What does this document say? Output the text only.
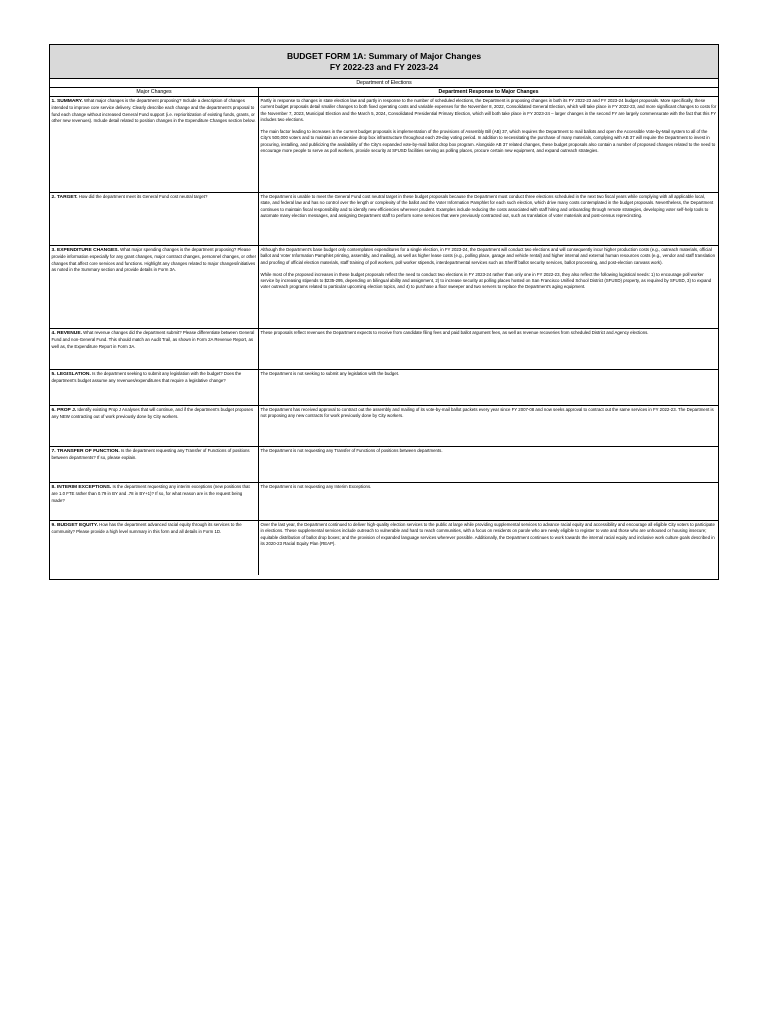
BUDGET FORM 1A: Summary of Major Changes
FY 2022-23 and FY 2023-24
Department of Elections
Major Changes	Department Response to Major Changes
1. SUMMARY. What major changes is the department proposing? Include a description of changes intended to improve core service delivery. Clearly describe each change and the department's proposal to fund each change without increased General Fund support (i.e. reprioritization of existing funds, grants, or other new revenues). Include detail related to position changes in the Expenditure Changes section below.

Partly in response to changes in state election law and partly in response to the number of scheduled elections, the Department is proposing changes in both its FY 2022-23 and FY 2023-24 budget proposals. More specifically, these current budget proposals detail smaller changes to both fixed operating costs and variable expenses for the November 8, 2022, Consolidated General Election, which will take place in FY 2022-23, and more significant changes to costs for the November 7, 2023, Municipal Election and the March 5, 2024, Consolidated Presidential Primary Election, which will both take place in FY 2023-24 – larger changes in the second FY are largely commensurate with the fact that this FY includes two elections.

The main factor leading to increases in the current budget proposals is implementation of the provisions of Assembly Bill (AB) 37, which requires the Department to mail ballots and open the Accessible Vote-by-Mail system to all of the City's 500,000 voters and to maintain an extensive drop box infrastructure throughout each 29-day voting period. In addition to necessitating the purchase of many materials, complying with AB 37 will require the Department to invest in procuring, installing, and publicizing the availability of the City's expanded vote-by-mail ballot drop box program. Alongside AB 37 related changes, these budget proposals also contain a number of proposed changes related to the need to encourage more people to serve as poll workers, provide security at SFUSD facilities serving as polling places, procure certain new equipment, and expand outreach strategies.

2. TARGET. How did the department meet its General Fund cost neutral target?	The Department is unable to meet the General Fund cost neutral target in these budget proposals because the Department must conduct three elections scheduled in the next two fiscal years while complying with all applicable local, state, and federal law and has no control over the length or complexity of the ballot and the Voter Information Pamphlet for each such election, which drive many costs contemplated in the budget proposals. Nevertheless, the Department continues to maintain fiscal responsibility and to identify new efficiencies wherever prudent. Examples include reducing the costs associated with staff hiring and onboarding through remote strategies, developing voter self-help tools to automate many election messages, and assigning Department staff to perform some services that were previously contracted out, such as translation of voter materials and post-census reprecincting.

3. EXPENDITURE CHANGES. What major spending changes is the department proposing? Please provide information especially for any grant changes, major contract changes, personnel changes, or other changes that affect core services and functions. Highlight any changes related to major changes/initiatives as noted in the Summary section and provide details in Form 3A.

Although the Department's base budget only contemplates expenditures for a single election, in FY 2023-24, the Department will conduct two elections and will consequently incur higher production costs (e.g., outreach materials, official ballot and Voter Information Pamphlet printing, assembly, and mailing), as well as higher lease costs (e.g., polling place, garage and vehicle rental) and higher internal and external human resources costs (e.g., vendor and staff translation and proofing of official election materials, staff training of poll workers, poll worker stipends, interdepartmental services such as Sheriff ballot security services, ballot processing, and post-election canvass work).

While most of the proposed increases in these budget proposals reflect the need to conduct two elections in FY 2023-24 rather than only one in FY 2022-23, they also reflect the following logistical needs: 1) to encourage poll worker service by increasing stipends to $235-295, depending on bilingual ability and assignment, 2) to increase security at polling places hosted on San Francisco Unified School District (SFUSD) property, as required by SFUSD, 3) to expand voter outreach programs related to particular upcoming election topics, and 4) to purchase a floor sweeper and two servers to replace the Department's aging equipment.

4. REVENUE. What revenue changes did the department submit? Please differentiate between General Fund and non-General Fund. This should match an Audit Trail, as shown in Form 2A Revenue Report, as well as, the Expenditure Report in Form 3A.

These proposals reflect revenues the Department expects to receive from candidate filing fees and paid ballot argument fees, as well as revenue recoveries from scheduled District and Agency elections.

5. LEGISLATION. Is the department seeking to submit any legislation with the budget? Does the department's budget assume any revenues/expenditures that require a legislative change?

The Department is not seeking to submit any legislation with the budget.

6. PROP J. Identify existing Prop J Analyses that will continue, and if the department's budget proposes any NEW contracting out of work previously done by City workers.

The Department has received approval to contract out the assembly and mailing of its vote-by-mail ballot packets every year since FY 2007-08 and now seeks approval to contract out the same services in FY 2022-23. The Department is not proposing any new contracts for work previously done by City workers.

7. TRANSFER OF FUNCTION. Is the department requesting any Transfer of Functions of positions between departments? If so, please explain.

The Department is not requesting any Transfer of Functions of positions between departments.

8. INTERIM EXCEPTIONS. Is the department requesting any interim exceptions (new positions that are 1.0 FTE rather than 0.79 in BY and .78 in BY+1)? If so, for what reason are is the request being made?

The Department is not requesting any Interim Exceptions.

9. BUDGET EQUITY. How has the department advanced racial equity through its services to the community? Please provide a high level summary in this form and all details in Form 1D.

Over the last year, the Department continued to deliver high-quality election services to the public at large while providing supplemental services to advance racial equity and accessibility and encourage all eligible City voters to participate in elections. These supplemental services include outreach to vulnerable and hard to reach communities, with a focus on residents on parole who are newly eligible to register to vote and those who are unhoused or housing insecure; equitable distribution of ballot drop boxes; and the provision of expanded language services wherever possible. Additionally, the Department continues to work towards the internal racial equity and inclusive work culture goals described in its 2020-23 Racial Equity Plan (REAP).
